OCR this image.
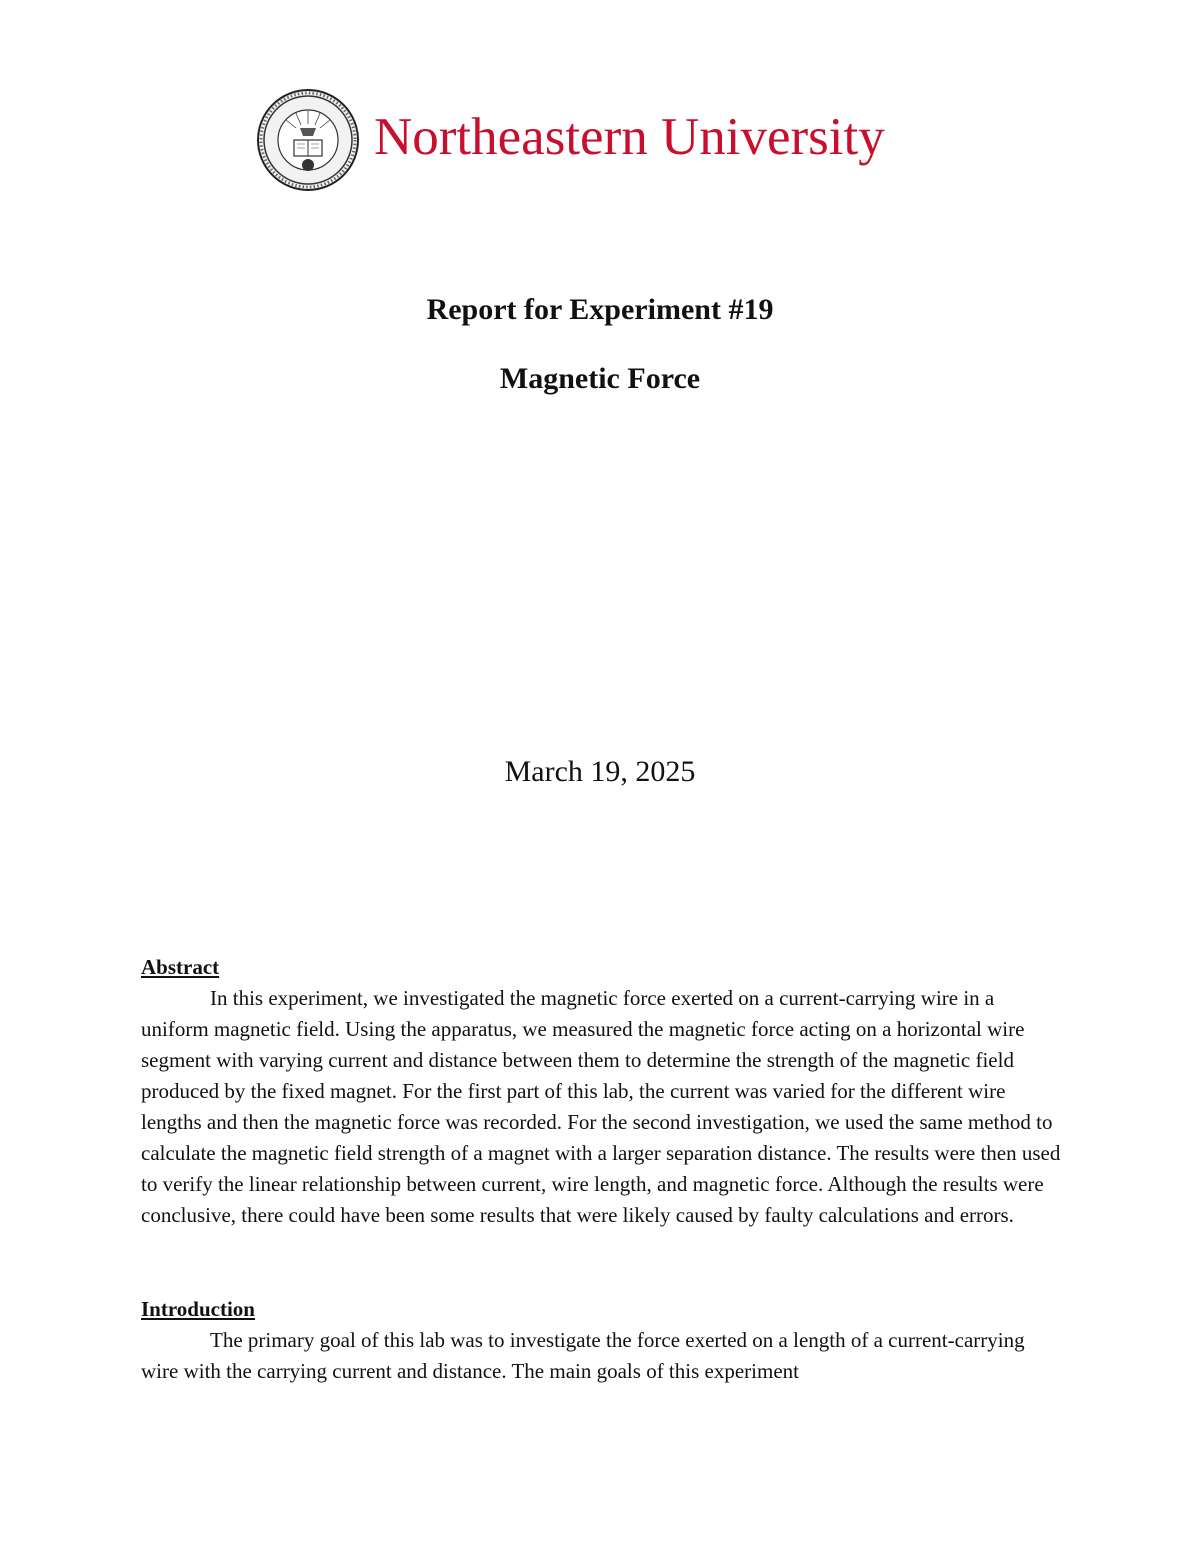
Northeastern University
Report for Experiment #19
Magnetic Force
March 19, 2025
Abstract

In this experiment, we investigated the magnetic force exerted on a current-carrying wire in a uniform magnetic field. Using the apparatus, we measured the magnetic force acting on a horizontal wire segment with varying current and distance between them to determine the strength of the magnetic field produced by the fixed magnet. For the first part of this lab, the current was varied for the different wire lengths and then the magnetic force was recorded. For the second investigation, we used the same method to calculate the magnetic field strength of a magnet with a larger separation distance. The results were then used to verify the linear relationship between current, wire length, and magnetic force. Although the results were conclusive, there could have been some results that were likely caused by faulty calculations and errors.

Introduction

The primary goal of this lab was to investigate the force exerted on a length of a current-carrying wire with the carrying current and distance. The main goals of this experiment
